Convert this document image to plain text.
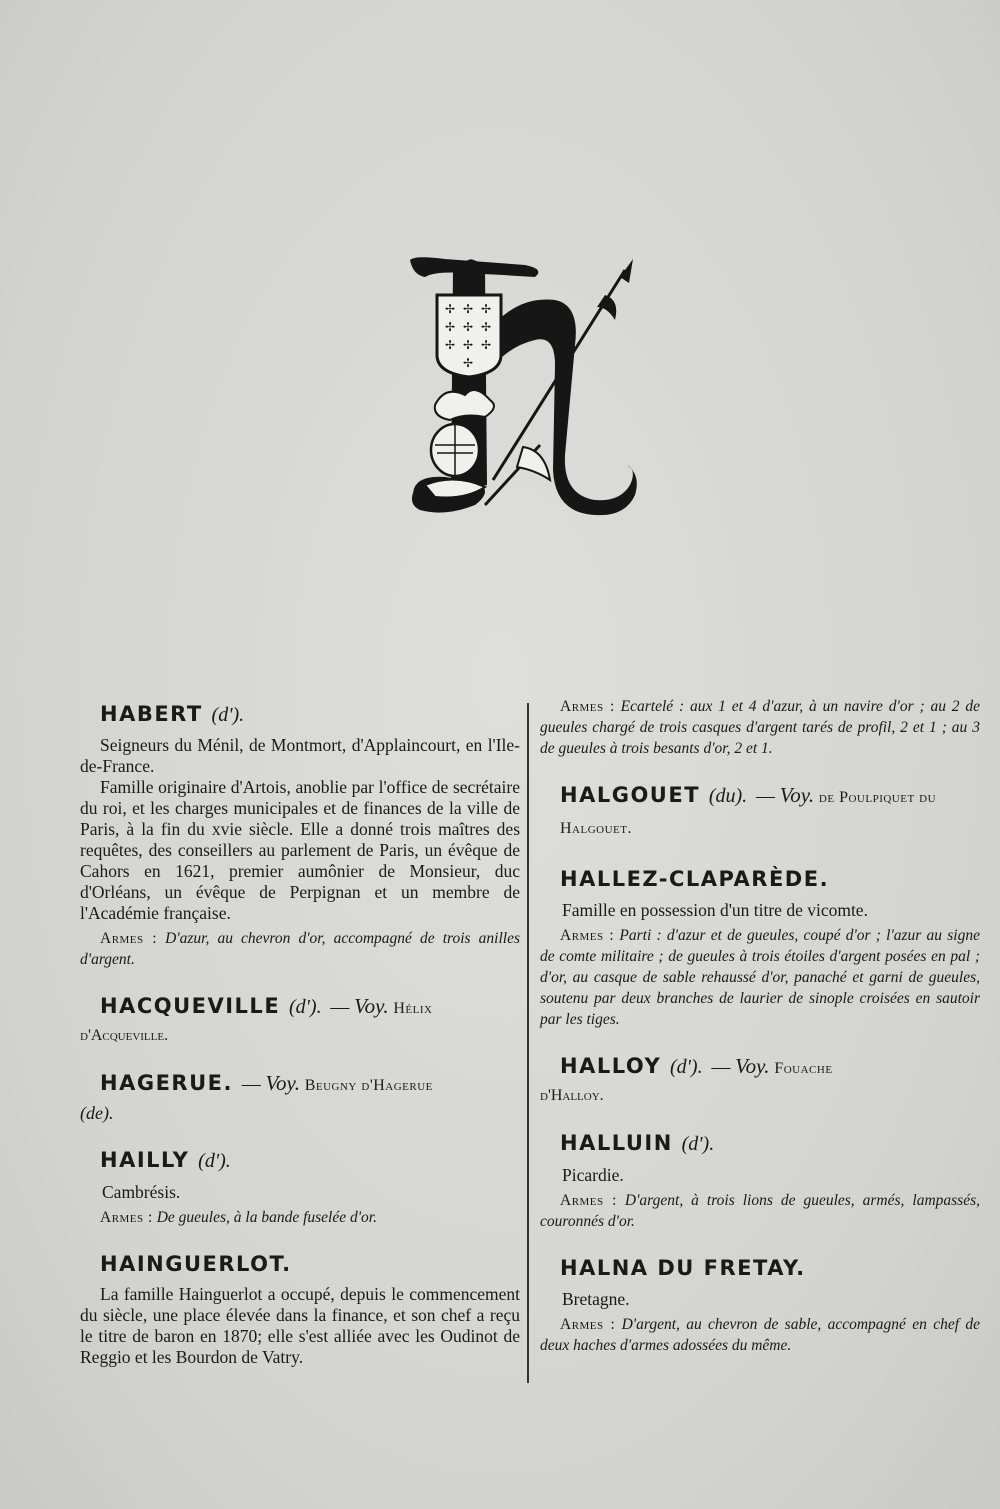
✢ ✢ ✢
✢ ✢ ✢
✢ ✢ ✢
✢
HABERT (d').

Seigneurs du Ménil, de Montmort, d'Applaincourt, en l'Ile-de-France.

Famille originaire d'Artois, anoblie par l'office de secrétaire du roi, et les charges municipales et de finances de la ville de Paris, à la fin du xvie siècle. Elle a donné trois maîtres des requêtes, des conseillers au parlement de Paris, un évêque de Cahors en 1621, premier aumônier de Monsieur, duc d'Orléans, un évêque de Perpignan et un membre de l'Académie française.

Armes : D'azur, au chevron d'or, accompagné de trois anilles d'argent.

HACQUEVILLE (d'). — Voy. Hélix
d'Acqueville.
HAGERUE. — Voy. Beugny d'Hagerue
(de).
HAILLY (d').
Cambrésis.

Armes : De gueules, à la bande fuselée d'or.

HAINGUERLOT.

La famille Hainguerlot a occupé, depuis le commencement du siècle, une place élevée dans la finance, et son chef a reçu le titre de baron en 1870; elle s'est alliée avec les Oudinot de Reggio et les Bourdon de Vatry.

Armes : Ecartelé : aux 1 et 4 d'azur, à un navire d'or ; au 2 de gueules chargé de trois casques d'argent tarés de profil, 2 et 1 ; au 3 de gueules à trois besants d'or, 2 et 1.

HALGOUET (du). — Voy. de Poulpiquet du Halgouet.
HALLEZ-CLAPARÈDE.
Famille en possession d'un titre de vicomte.

Armes : Parti : d'azur et de gueules, coupé d'or ; l'azur au signe de comte militaire ; de gueules à trois étoiles d'argent posées en pal ; d'or, au casque de sable rehaussé d'or, panaché et garni de gueules, soutenu par deux branches de laurier de sinople croisées en sautoir par les tiges.

HALLOY (d'). — Voy. Fouache
d'Halloy.
HALLUIN (d').
Picardie.

Armes : D'argent, à trois lions de gueules, armés, lampassés, couronnés d'or.

HALNA DU FRETAY.
Bretagne.

Armes : D'argent, au chevron de sable, accompagné en chef de deux haches d'armes adossées du même.
